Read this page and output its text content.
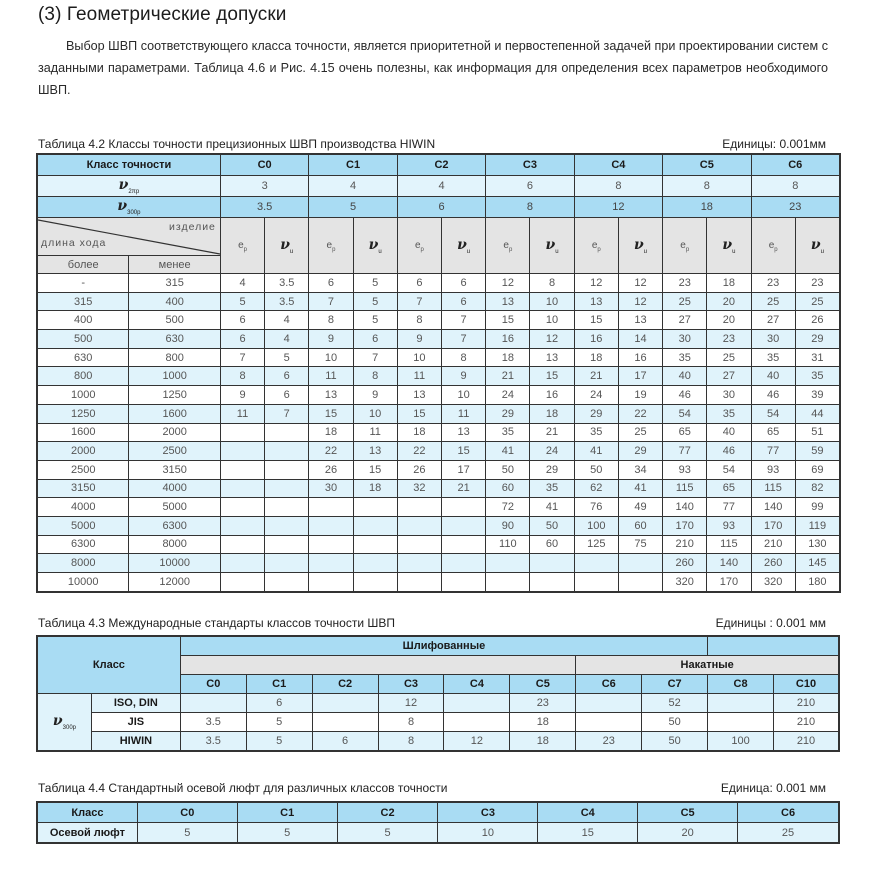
(3) Геометрические допуски
Выбор ШВП соответствующего класса точности, является приоритетной и первостепенной задачей при проектировании систем с заданными параметрами. Таблица 4.6 и Рис. 4.15 очень полезны, как информация для определения всех параметров необходимого ШВП.
Таблица 4.2 Классы точности прецизионных ШВП производства HIWIN	Единицы: 0.001мм
Класс точности		C0		C1		C2		C3		C4		C5		C6	
$\nu_{2\pi p}$		3		4		4		6		8		8		8	
$\nu_{300p}$		3.5		5		6		8		12		18		23	

изделие
длина хода		$e_p$	$\nu_u$	$e_p$	$\nu_u$	$e_p$	$\nu_u$	$e_p$	$\nu_u$	$e_p$	$\nu_u$	$e_p$	$\nu_u$	$e_p$	$\nu_u$
более	менее														
-	315	4	3.5	6	5	6	6	12	8	12	12	23	18	23	23
315	400	5	3.5	7	5	7	6	13	10	13	12	25	20	25	25
400	500	6	4	8	5	8	7	15	10	15	13	27	20	27	26
500	630	6	4	9	6	9	7	16	12	16	14	30	23	30	29
630	800	7	5	10	7	10	8	18	13	18	16	35	25	35	31
800	1000	8	6	11	8	11	9	21	15	21	17	40	27	40	35
1000	1250	9	6	13	9	13	10	24	16	24	19	46	30	46	39
1250	1600	11	7	15	10	15	11	29	18	29	22	54	35	54	44
1600	2000			18	11	18	13	35	21	35	25	65	40	65	51
2000	2500			22	13	22	15	41	24	41	29	77	46	77	59
2500	3150			26	15	26	17	50	29	50	34	93	54	93	69
3150	4000			30	18	32	21	60	35	62	41	115	65	115	82
4000	5000							72	41	76	49	140	77	140	99
5000	6300							90	50	100	60	170	93	170	119
6300	8000							110	60	125	75	210	115	210	130
8000	10000											260	140	260	145
10000	12000											320	170	320	180
Таблица 4.3 Международные стандарты классов точности ШВП	Единицы : 0.001 мм
Класс		Шлифованные									
								Накатные			
		C0	C1	C2	C3	C4	C5	C6	C7	C8	C10
$\nu_{300p}$	ISO, DIN		6		12		23		52		210
	JIS	3.5	5		8		18		50		210
	HIWIN	3.5	5	6	8	12	18	23	50	100	210
Таблица 4.4 Стандартный осевой люфт для различных классов точности	Единица: 0.001 мм
Класс	C0	C1	C2	C3	C4	C5	C6
Осевой люфт	5	5	5	10	15	20	25
